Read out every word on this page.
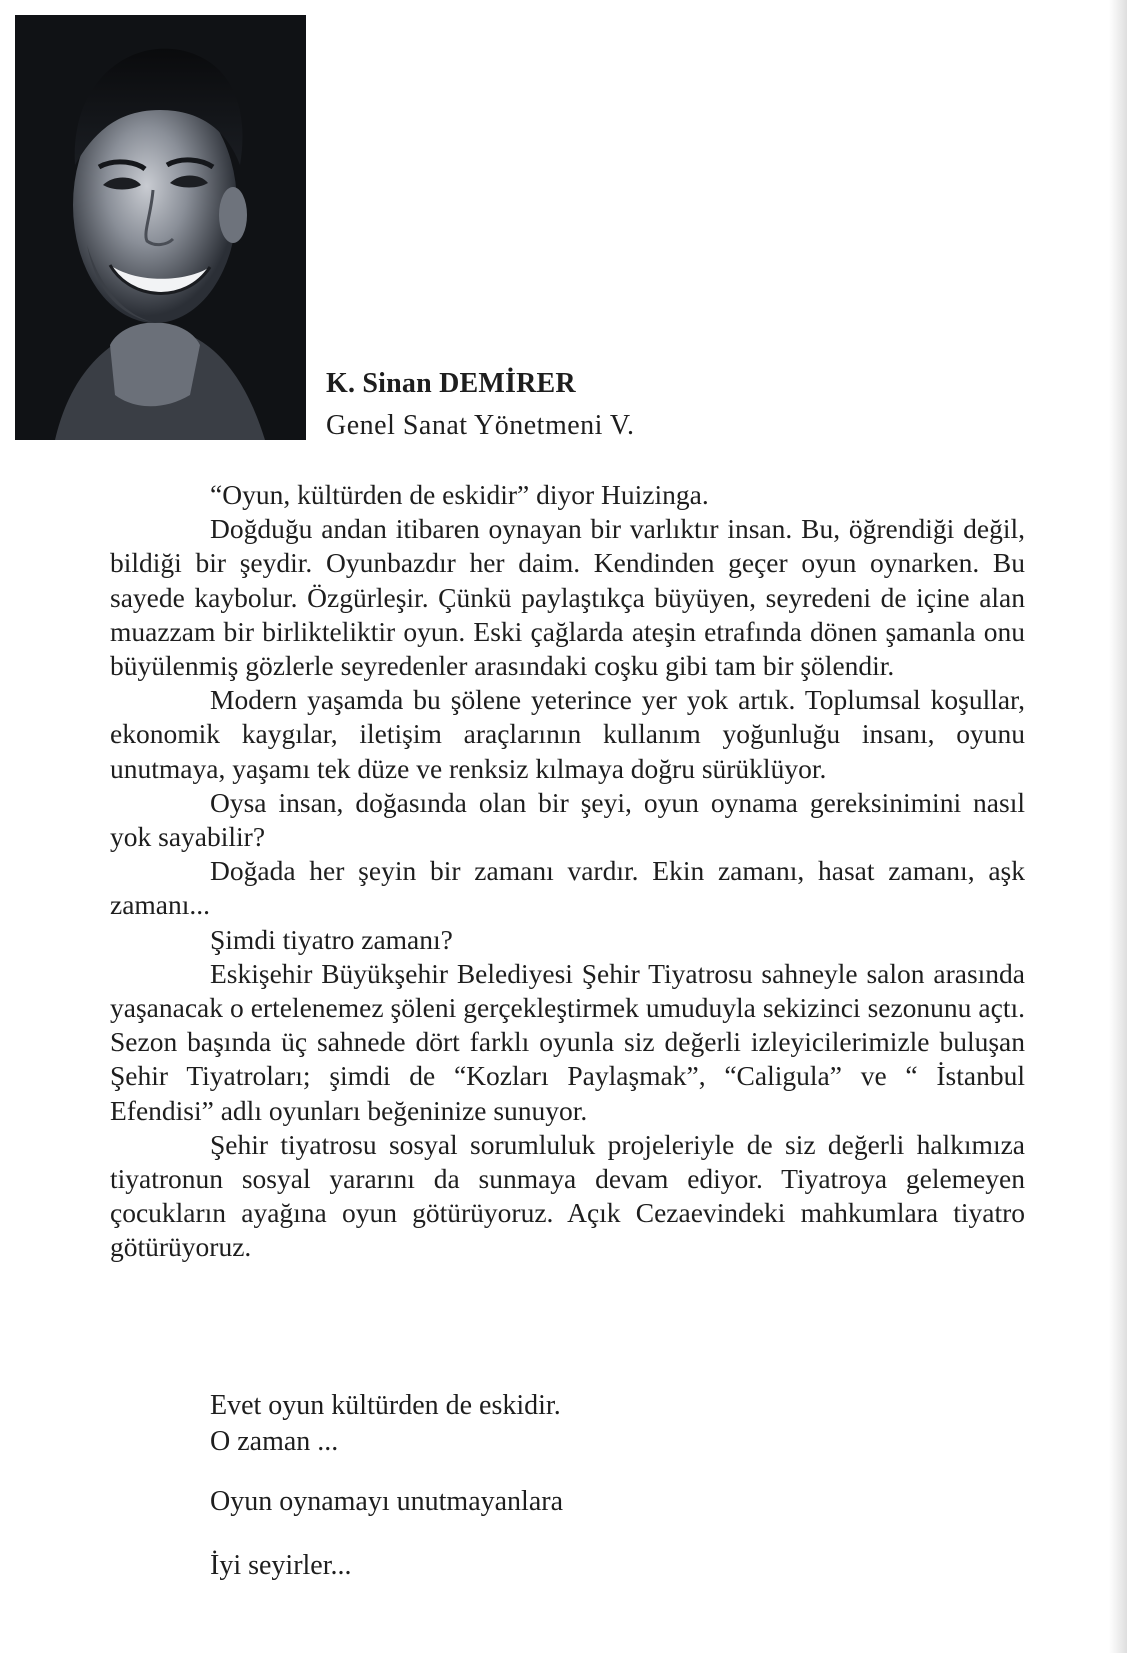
K. Sinan DEMİRER

Genel Sanat Yönetmeni V.

“Oyun, kültürden de eskidir” diyor Huizinga.

Doğduğu andan itibaren oynayan bir varlıktır insan. Bu, öğrendiği değil, bildiği bir şeydir. Oyunbazdır her daim. Kendinden geçer oyun oynarken. Bu sayede kaybolur. Özgürleşir. Çünkü paylaştıkça büyüyen, seyredeni de içine alan muazzam bir birlikteliktir oyun. Eski çağlarda ateşin etrafında dönen şamanla onu büyülenmiş gözlerle seyredenler arasındaki coşku gibi tam bir şölendir.

Modern yaşamda bu şölene yeterince yer yok artık. Toplumsal koşullar, ekonomik kaygılar, iletişim araçlarının kullanım yoğunluğu insanı, oyunu unutmaya, yaşamı tek düze ve renksiz kılmaya doğru sürüklüyor.

Oysa insan, doğasında olan bir şeyi, oyun oynama gereksinimini nasıl yok sayabilir?

Doğada her şeyin bir zamanı vardır. Ekin zamanı, hasat zamanı, aşk zamanı...

Şimdi tiyatro zamanı?

Eskişehir Büyükşehir Belediyesi Şehir Tiyatrosu sahneyle salon arasında yaşanacak o ertelenemez şöleni gerçekleştirmek umuduyla sekizinci sezonunu açtı. Sezon başında üç sahnede dört farklı oyunla siz değerli izleyicilerimizle buluşan Şehir Tiyatroları; şimdi de “Kozları Paylaşmak”, “Caligula” ve “ İstanbul Efendisi” adlı oyunları beğeninize sunuyor.

Şehir tiyatrosu sosyal sorumluluk projeleriyle de siz değerli halkımıza tiyatronun sosyal yararını da sunmaya devam ediyor. Tiyatroya gelemeyen çocukların ayağına oyun götürüyoruz. Açık Cezaevindeki mahkumlara tiyatro götürüyoruz.

Evet oyun kültürden de eskidir.

O zaman ...

Oyun oynamayı unutmayanlara

İyi seyirler...
